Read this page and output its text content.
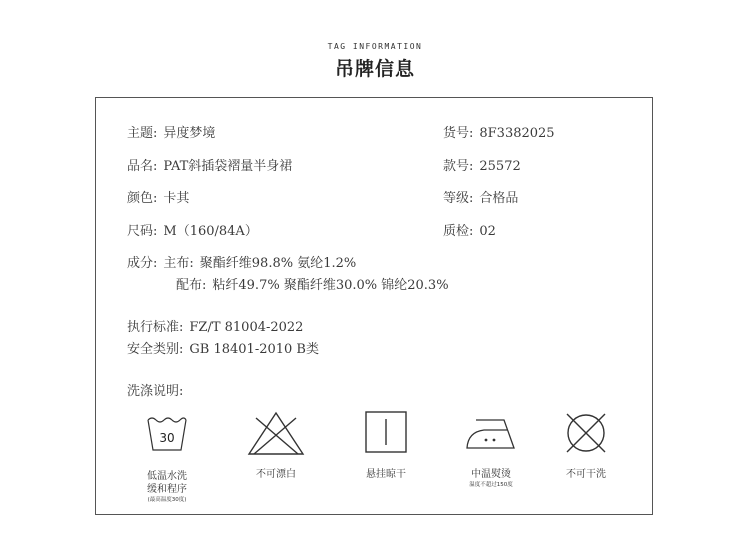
TAG INFORMATION
吊牌信息
主题: 异度梦境
品名: PAT斜插袋褶量半身裙
颜色: 卡其
尺码: M（160/84A）
货号: 8F3382025
款号: 25572
等级: 合格品
质检: 02
成分: 主布: 聚酯纤维98.8% 氨纶1.2%
配布: 粘纤49.7% 聚酯纤维30.0% 锦纶20.3%
执行标准: FZ/T 81004-2022
安全类别: GB 18401-2010 B类
洗涤说明:
30
低温水洗
缓和程序
(最高温度30度)
不可漂白	悬挂晾干	中温熨烫
温度不超过150度
不可干洗
